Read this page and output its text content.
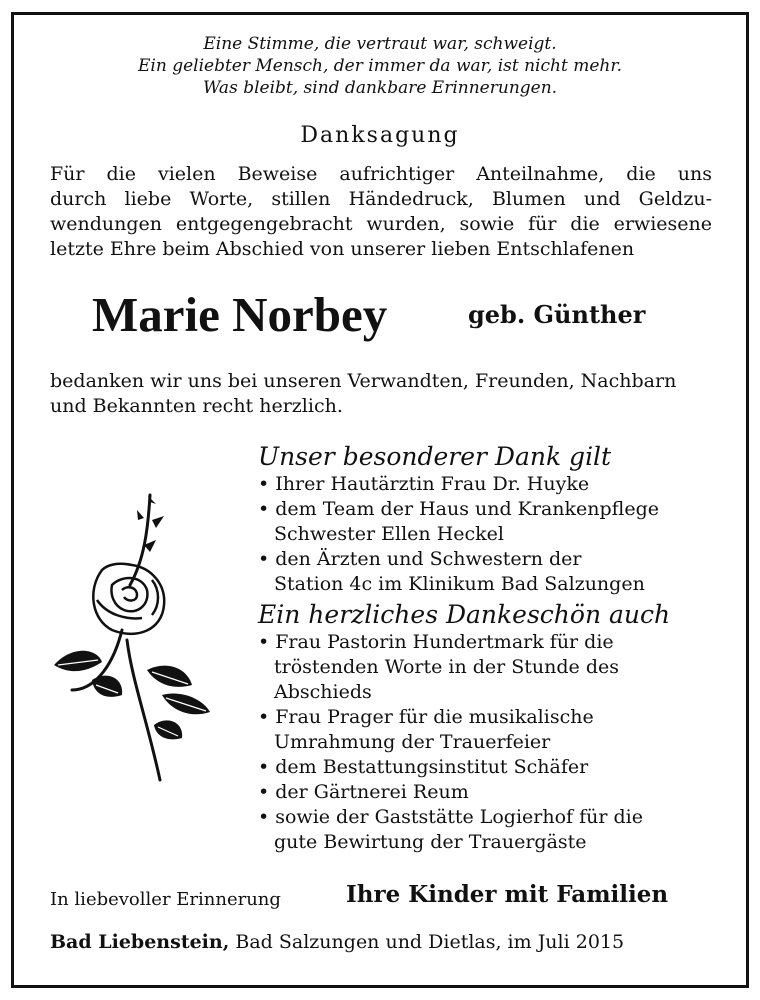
Eine Stimme, die vertraut war, schweigt.
Ein geliebter Mensch, der immer da war, ist nicht mehr.
Was bleibt, sind dankbare Erinnerungen.
Danksagung
Für die vielen Beweise aufrichtiger Anteilnahme, die uns
durch liebe Worte, stillen Händedruck, Blumen und Geldzu-
wendungen entgegengebracht wurden, sowie für die erwiesene
letzte Ehre beim Abschied von unserer lieben Entschlafenen
Marie Norbey	geb. Günther
bedanken wir uns bei unseren Verwandten, Freunden, Nachbarn
und Bekannten recht herzlich.
Unser besonderer Dank gilt
• Ihrer Hautärztin Frau Dr. Huyke
• dem Team der Haus und Krankenpflege
Schwester Ellen Heckel
• den Ärzten und Schwestern der
Station 4c im Klinikum Bad Salzungen
Ein herzliches Dankeschön auch
• Frau Pastorin Hundertmark für die
tröstenden Worte in der Stunde des
Abschieds
• Frau Prager für die musikalische
Umrahmung der Trauerfeier
• dem Bestattungsinstitut Schäfer
• der Gärtnerei Reum
• sowie der Gaststätte Logierhof für die
gute Bewirtung der Trauergäste
In liebevoller Erinnerung	Ihre Kinder mit Familien
Bad Liebenstein, Bad Salzungen und Dietlas, im Juli 2015
